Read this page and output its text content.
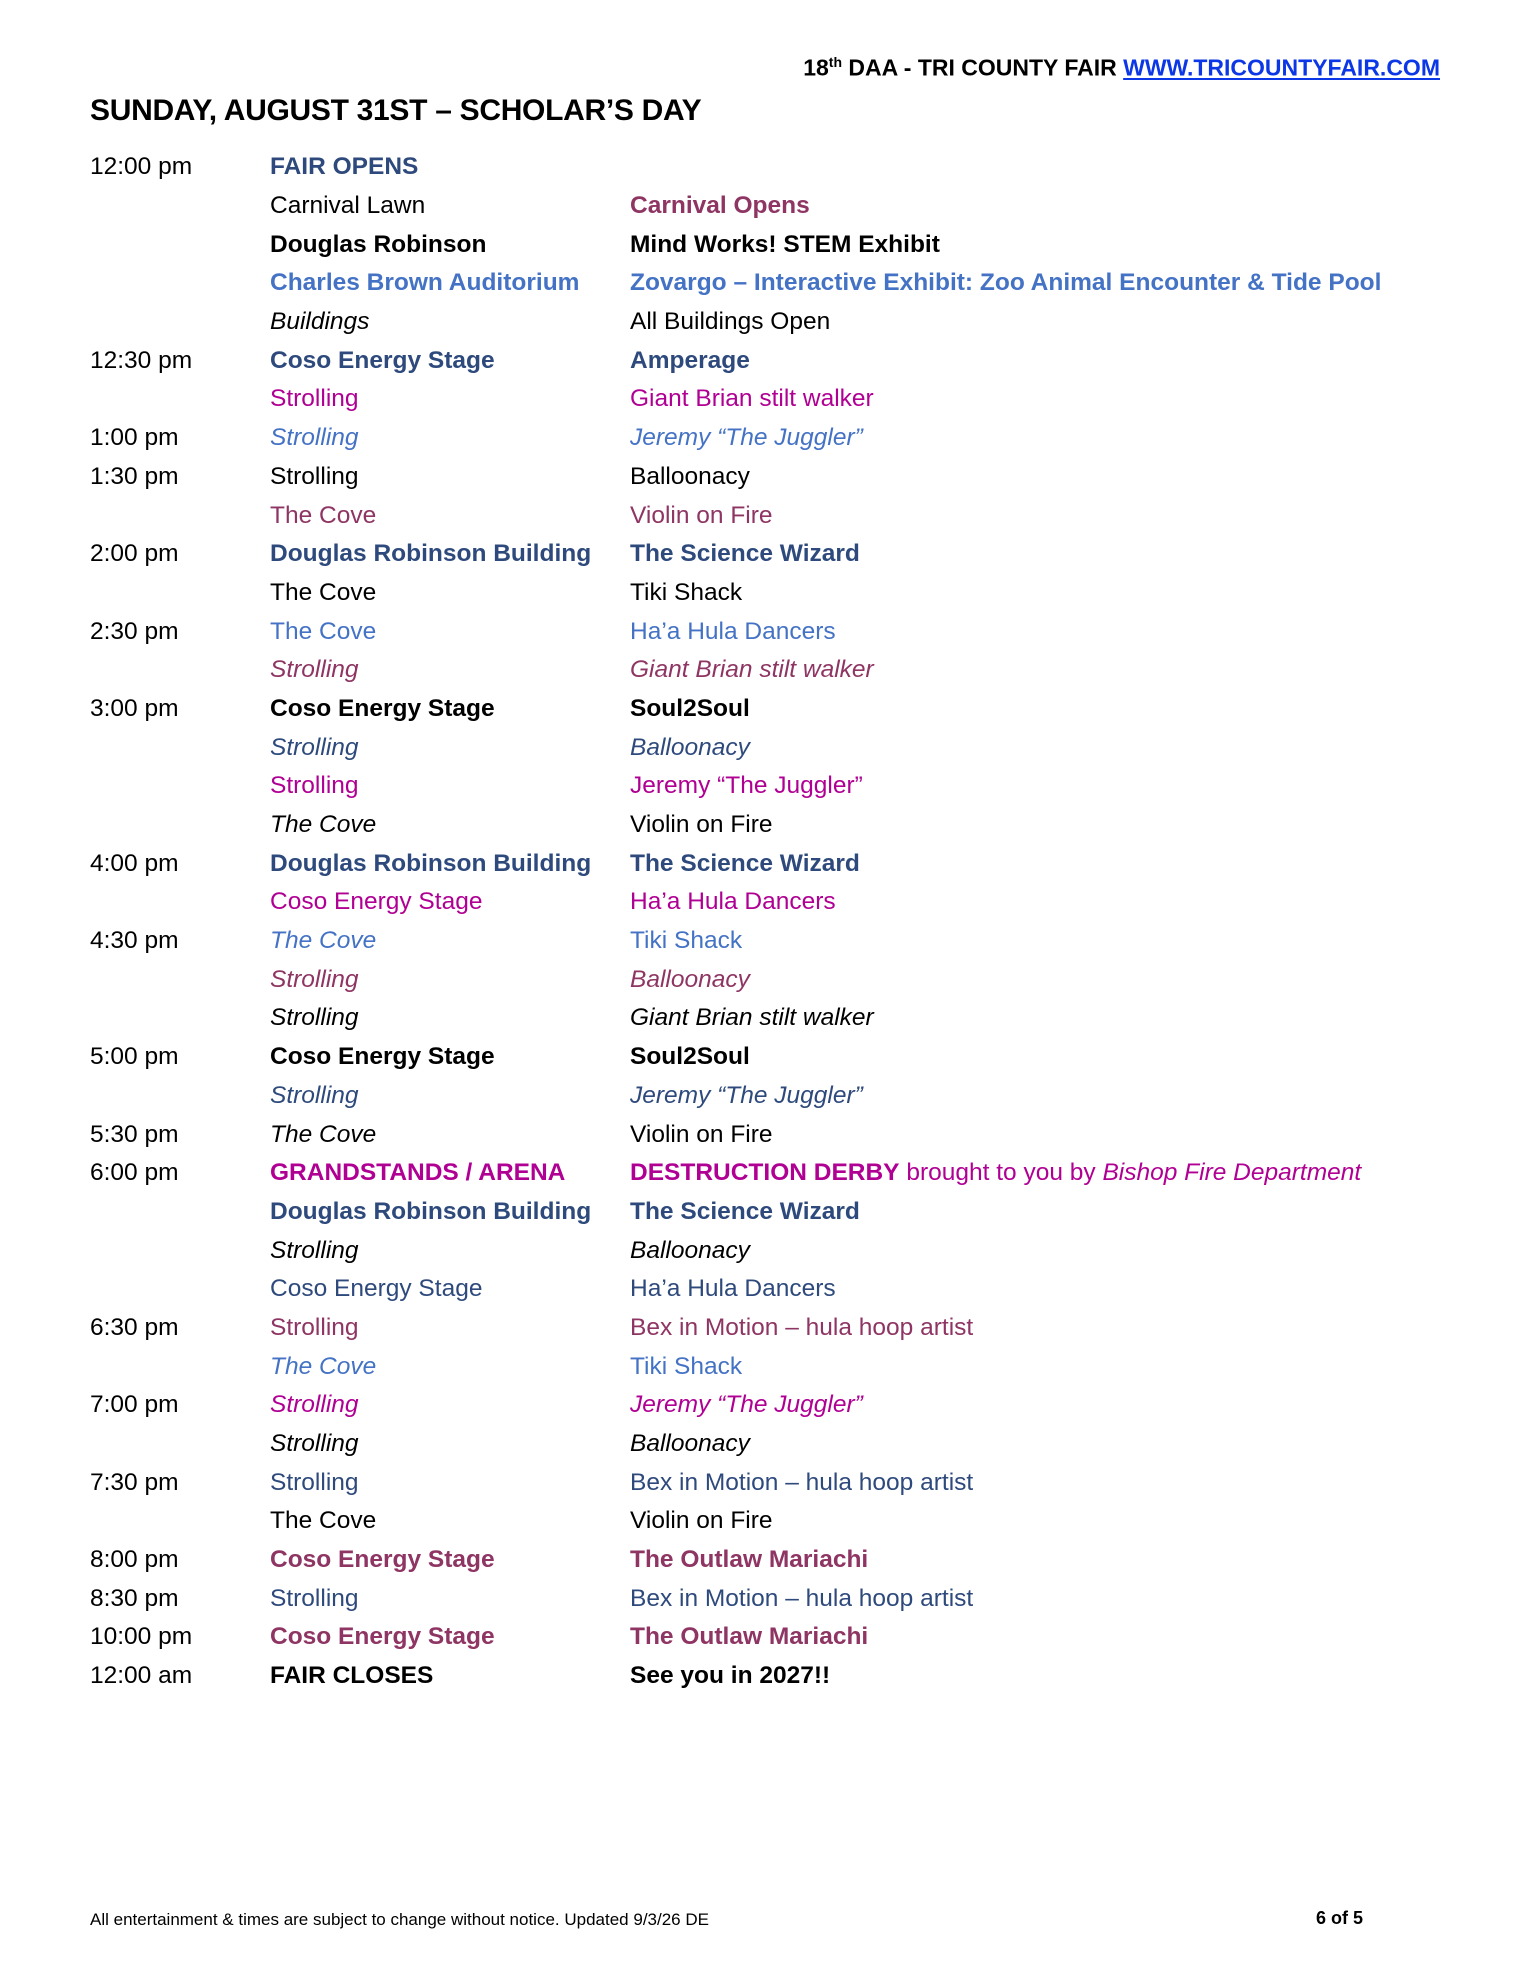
18th DAA - TRI COUNTY FAIR WWW.TRICOUNTYFAIR.COM
SUNDAY, AUGUST 31ST – SCHOLAR’S DAY
12:00 pm	FAIR OPENS
Carnival Lawn	Carnival Opens
Douglas Robinson	Mind Works! STEM Exhibit
Charles Brown Auditorium	Zovargo – Interactive Exhibit: Zoo Animal Encounter & Tide Pool
Buildings	All Buildings Open
12:30 pm	Coso Energy Stage	Amperage
Strolling	Giant Brian stilt walker
1:00 pm	Strolling	Jeremy “The Juggler”
1:30 pm	Strolling	Balloonacy
The Cove	Violin on Fire
2:00 pm	Douglas Robinson Building	The Science Wizard
The Cove	Tiki Shack
2:30 pm	The Cove	Ha’a Hula Dancers
Strolling	Giant Brian stilt walker
3:00 pm	Coso Energy Stage	Soul2Soul
Strolling	Balloonacy
Strolling	Jeremy “The Juggler”
The Cove	Violin on Fire
4:00 pm	Douglas Robinson Building	The Science Wizard
Coso Energy Stage	Ha’a Hula Dancers
4:30 pm	The Cove	Tiki Shack
Strolling	Balloonacy
Strolling	Giant Brian stilt walker
5:00 pm	Coso Energy Stage	Soul2Soul
Strolling	Jeremy “The Juggler”
5:30 pm	The Cove	Violin on Fire
6:00 pm	GRANDSTANDS / ARENA	DESTRUCTION DERBY brought to you by Bishop Fire Department
Douglas Robinson Building	The Science Wizard
Strolling	Balloonacy
Coso Energy Stage	Ha’a Hula Dancers
6:30 pm	Strolling	Bex in Motion – hula hoop artist
The Cove	Tiki Shack
7:00 pm	Strolling	Jeremy “The Juggler”
Strolling	Balloonacy
7:30 pm	Strolling	Bex in Motion – hula hoop artist
The Cove	Violin on Fire
8:00 pm	Coso Energy Stage	The Outlaw Mariachi
8:30 pm	Strolling	Bex in Motion – hula hoop artist
10:00 pm	Coso Energy Stage	The Outlaw Mariachi
12:00 am	FAIR CLOSES	See you in 2027!!
All entertainment & times are subject to change without notice. Updated 9/3/26 DE	6 of 5
